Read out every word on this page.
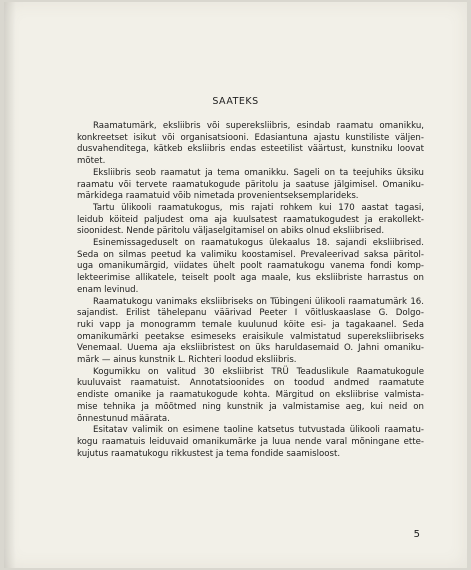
SAATEKS
Raamatumärk, eksliibris või supereksliibris, esindab raamatu omanikku,
konkreetset isikut või organisatsiooni. Edasiantuna ajastu kunstiliste väljen-
dusvahenditega, kätkeb eksliibris endas esteetilist väärtust, kunstniku loovat
mõtet.
Eksliibris seob raamatut ja tema omanikku. Sageli on ta teejuhiks üksiku
raamatu või tervete raamatukogude päritolu ja saatuse jälgimisel. Omaniku-
märkidega raamatuid võib nimetada provenientseksemplarideks.
Tartu ülikooli raamatukogus, mis rajati rohkem kui 170 aastat tagasi,
leidub köiteid paljudest oma aja kuulsatest raamatukogudest ja erakollekt-
sioonidest. Nende päritolu väljaselgitamisel on abiks olnud eksliibrised.
Esinemissageduselt on raamatukogus ülekaalus 18. sajandi eksliibrised.
Seda on silmas peetud ka valimiku koostamisel. Prevaleerivad saksa päritol-
uga omanikumärgid, viidates ühelt poolt raamatukogu vanema fondi komp-
lekteerimise allikatele, teiselt poolt aga maale, kus eksliibriste harrastus on
enam levinud.
Raamatukogu vanimaks eksliibriseks on Tübingeni ülikooli raamatumärk 16.
sajandist. Erilist tähelepanu väärivad Peeter I võitluskaaslase G. Dolgo-
ruki vapp ja monogramm temale kuulunud köite esi- ja tagakaanel. Seda
omanikumärki peetakse esimeseks eraisikule valmistatud supereksliibriseks
Venemaal. Uuema aja eksliibristest on üks haruldasemaid O. Jahni omaniku-
märk — ainus kunstnik L. Richteri loodud eksliibris.
Kogumikku on valitud 30 eksliibrist TRÜ Teaduslikule Raamatukogule
kuuluvaist raamatuist. Annotatsioonides on toodud andmed raamatute
endiste omanike ja raamatukogude kohta. Märgitud on eksliibrise valmista-
mise tehnika ja mõõtmed ning kunstnik ja valmistamise aeg, kui neid on
õnnestunud määrata.
Esitatav valimik on esimene taoline katsetus tutvustada ülikooli raamatu-
kogu raamatuis leiduvaid omanikumärke ja luua nende varal mõningane ette-
kujutus raamatukogu rikkustest ja tema fondide saamisloost.
5
